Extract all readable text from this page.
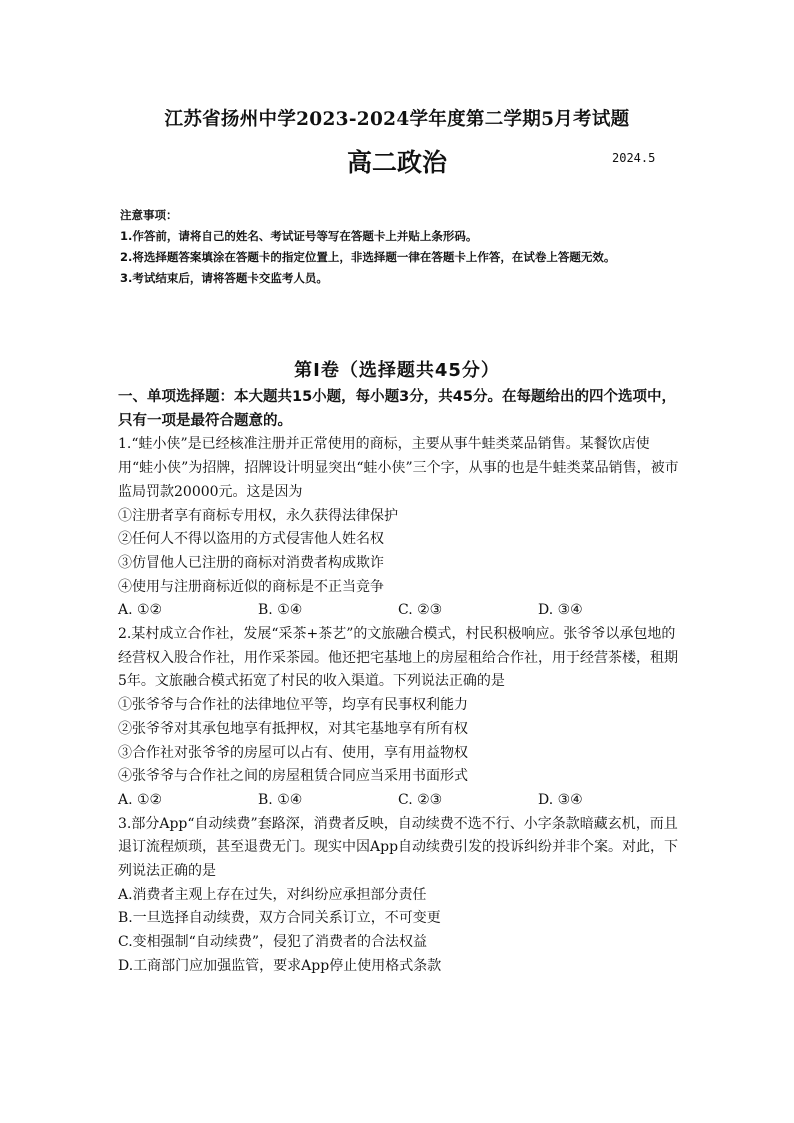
江苏省扬州中学2023-2024学年度第二学期5月考试题
高二政治	2024.5

注意事项：

1.作答前，请将自己的姓名、考试证号等写在答题卡上并贴上条形码。

2.将选择题答案填涂在答题卡的指定位置上，非选择题一律在答题卡上作答，在试卷上答题无效。

3.考试结束后，请将答题卡交监考人员。

第Ⅰ卷（选择题共45分）

一、单项选择题：本大题共15小题，每小题3分，共45分。在每题给出的四个选项中，只有一项是最符合题意的。

1.“蛙小侠”是已经核准注册并正常使用的商标，主要从事牛蛙类菜品销售。某餐饮店使用“蛙小侠”为招牌，招牌设计明显突出“蛙小侠”三个字，从事的也是牛蛙类菜品销售，被市监局罚款20000元。这是因为

①注册者享有商标专用权，永久获得法律保护

②任何人不得以盗用的方式侵害他人姓名权

③仿冒他人已注册的商标对消费者构成欺诈

④使用与注册商标近似的商标是不正当竞争

A. ①②	B. ①④	C. ②③	D. ③④

2.某村成立合作社，发展“采茶+茶艺”的文旅融合模式，村民积极响应。张爷爷以承包地的经营权入股合作社，用作采茶园。他还把宅基地上的房屋租给合作社，用于经营茶楼，租期5年。文旅融合模式拓宽了村民的收入渠道。下列说法正确的是

①张爷爷与合作社的法律地位平等，均享有民事权利能力

②张爷爷对其承包地享有抵押权，对其宅基地享有所有权

③合作社对张爷爷的房屋可以占有、使用，享有用益物权

④张爷爷与合作社之间的房屋租赁合同应当采用书面形式

A. ①②	B. ①④	C. ②③	D. ③④

3.部分App“自动续费”套路深，消费者反映，自动续费不选不行、小字条款暗藏玄机，而且退订流程烦琐，甚至退费无门。现实中因App自动续费引发的投诉纠纷并非个案。对此，下列说法正确的是

A.消费者主观上存在过失，对纠纷应承担部分责任

B.一旦选择自动续费，双方合同关系订立，不可变更

C.变相强制“自动续费”，侵犯了消费者的合法权益

D.工商部门应加强监管，要求App停止使用格式条款
